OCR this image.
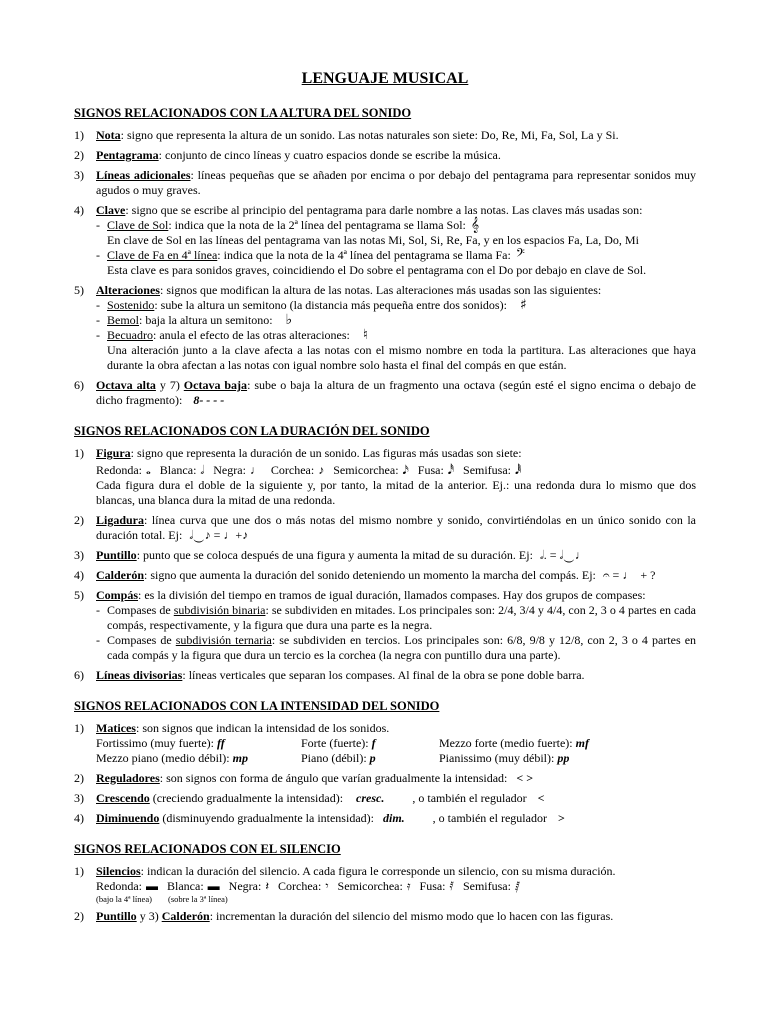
LENGUAJE MUSICAL
SIGNOS RELACIONADOS CON LA ALTURA DEL SONIDO
1) Nota: signo que representa la altura de un sonido. Las notas naturales son siete: Do, Re, Mi, Fa, Sol, La y Si.
2) Pentagrama: conjunto de cinco líneas y cuatro espacios donde se escribe la música.
3) Líneas adicionales: líneas pequeñas que se añaden por encima o por debajo del pentagrama para representar sonidos muy agudos o muy graves.
4) Clave: signo que se escribe al principio del pentagrama para darle nombre a las notas. Las claves más usadas son:
- Clave de Sol: indica que la nota de la 2ª línea del pentagrama se llama Sol: 𝄞
En clave de Sol en las líneas del pentagrama van las notas Mi, Sol, Si, Re, Fa, y en los espacios Fa, La, Do, Mi
- Clave de Fa en 4ª línea: indica que la nota de la 4ª línea del pentagrama se llama Fa: 𝄢
Esta clave es para sonidos graves, coincidiendo el Do sobre el pentagrama con el Do por debajo en clave de Sol.
5) Alteraciones: signos que modifican la altura de las notas. Las alteraciones más usadas son las siguientes:
- Sostenido: sube la altura un semitono (la distancia más pequeña entre dos sonidos): ♯
- Bemol: baja la altura un semitono: ♭
- Becuadro: anula el efecto de las otras alteraciones: ♮
Una alteración junto a la clave afecta a las notas con el mismo nombre en toda la partitura. Las alteraciones que haya durante la obra afectan a las notas con igual nombre solo hasta el final del compás en que están.
6) Octava alta y 7) Octava baja: sube o baja la altura de un fragmento una octava (según esté el signo encima o debajo de dicho fragmento): 8- - - -
SIGNOS RELACIONADOS CON LA DURACIÓN DEL SONIDO
1) Figura: signo que representa la duración de un sonido. Las figuras más usadas son siete:
Redonda: 𝅝 Blanca: 𝅗𝅥 Negra: ♩ Corchea: ♪ Semicorchea: 𝅘𝅥𝅯 Fusa: 𝅘𝅥𝅰 Semifusa: 𝅘𝅥𝅱
Cada figura dura el doble de la siguiente y, por tanto, la mitad de la anterior. Ej.: una redonda dura lo mismo que dos blancas, una blanca dura la mitad de una redonda.
2) Ligadura: línea curva que une dos o más notas del mismo nombre y sonido, convirtiéndolas en un único sonido con la duración total. Ej: 𝅗𝅥‿♪ = ♩+♪
3) Puntillo: punto que se coloca después de una figura y aumenta la mitad de su duración. Ej: 𝅗𝅥. = 𝅗𝅥‿♩
4) Calderón: signo que aumenta la duración del sonido deteniendo un momento la marcha del compás. Ej: 𝄐 = ♩ + ?
5) Compás: es la división del tiempo en tramos de igual duración, llamados compases. Hay dos grupos de compases:
- Compases de subdivisión binaria: se subdividen en mitades. Los principales son: 2/4, 3/4 y 4/4, con 2, 3 o 4 partes en cada compás, respectivamente, y la figura que dura una parte es la negra.
- Compases de subdivisión ternaria: se subdividen en tercios. Los principales son: 6/8, 9/8 y 12/8, con 2, 3 o 4 partes en cada compás y la figura que dura un tercio es la corchea (la negra con puntillo dura una parte).
6) Líneas divisorias: líneas verticales que separan los compases. Al final de la obra se pone doble barra.
SIGNOS RELACIONADOS CON LA INTENSIDAD DEL SONIDO
1) Matices: son signos que indican la intensidad de los sonidos.
Fortissimo (muy fuerte): ff	Forte (fuerte): f	Mezzo forte (medio fuerte): mf
Mezzo piano (medio débil): mp	Piano (débil): p	Pianissimo (muy débil): pp
2) Reguladores: son signos con forma de ángulo que varían gradualmente la intensidad: < >
3) Crescendo (creciendo gradualmente la intensidad): cresc. , o también el regulador <
4) Diminuendo (disminuyendo gradualmente la intensidad): dim. , o también el regulador >
SIGNOS RELACIONADOS CON EL SILENCIO
1) Silencios: indican la duración del silencio. A cada figura le corresponde un silencio, con su misma duración.
Redonda: ▬ Blanca: ▬ Negra: 𝄽 Corchea: 𝄾 Semicorchea: 𝄿 Fusa: 𝅀 Semifusa: 𝅁
(bajo la 4ª línea) (sobre la 3ª línea)
2) Puntillo y 3) Calderón: incrementan la duración del silencio del mismo modo que lo hacen con las figuras.
